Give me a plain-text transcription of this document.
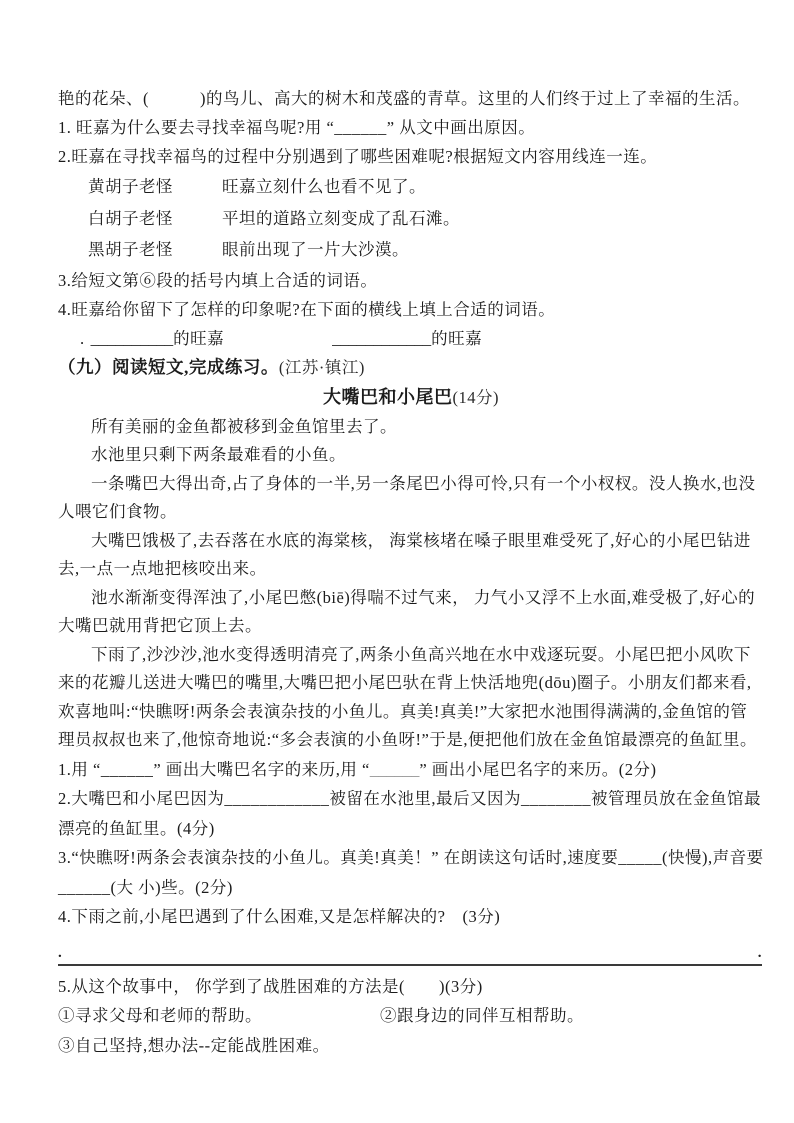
艳的花朵、(　　　)的鸟儿、高大的树木和茂盛的青草。这里的人们终于过上了幸福的生活。

1. 旺嘉为什么要去寻找幸福鸟呢?用 “______” 从文中画出原因。

2.旺嘉在寻找幸福鸟的过程中分别遇到了哪些困难呢?根据短文内容用线连一连。

黄胡子老怪	旺嘉立刻什么也看不见了。
白胡子老怪	平坦的道路立刻变成了乱石滩。
黑胡子老怪	眼前出现了一片大沙漠。

3.给短文第⑥段的括号内填上合适的词语。

4.旺嘉给你留下了怎样的印象呢?在下面的横线上填上合适的词语。

. __________的旺嘉	____________的旺嘉

（九）阅读短文,完成练习。(江苏·镇江)

大嘴巴和小尾巴(14分)

所有美丽的金鱼都被移到金鱼馆里去了。

水池里只剩下两条最难看的小鱼。

一条嘴巴大得出奇,占了身体的一半,另一条尾巴小得可怜,只有一个小杈杈。没人换水,也没人喂它们食物。

大嘴巴饿极了,去吞落在水底的海棠核， 海棠核堵在嗓子眼里难受死了,好心的小尾巴钻进去,一点一点地把核咬出来。

池水渐渐变得浑浊了,小尾巴憋(biē)得喘不过气来， 力气小又浮不上水面,难受极了,好心的大嘴巴就用背把它顶上去。

下雨了,沙沙沙,池水变得透明清亮了,两条小鱼高兴地在水中戏逐玩耍。小尾巴把小风吹下来的花瓣儿送进大嘴巴的嘴里,大嘴巴把小尾巴驮在背上快活地兜(dōu)圈子。小朋友们都来看,欢喜地叫:“快瞧呀!两条会表演杂技的小鱼儿。真美!真美!”大家把水池围得满满的,金鱼馆的管理员叔叔也来了,他惊奇地说:“多会表演的小鱼呀!”于是,便把他们放在金鱼馆最漂亮的鱼缸里。

1.用 “______” 画出大嘴巴名字的来历,用 “______” 画出小尾巴名字的来历。(2分)

2.大嘴巴和小尾巴因为____________被留在水池里,最后又因为________被管理员放在金鱼馆最漂亮的鱼缸里。(4分)

3.“快瞧呀!两条会表演杂技的小鱼儿。真美!真美！” 在朗读这句话时,速度要_____(快慢),声音要______(大 小)些。(2分)

4.下雨之前,小尾巴遇到了什么困难,又是怎样解决的?　(3分)

.	.

5.从这个故事中， 你学到了战胜困难的方法是(　　)(3分)

①寻求父母和老师的帮助。	②跟身边的同伴互相帮助。

③自己坚持,想办法--定能战胜困难。
